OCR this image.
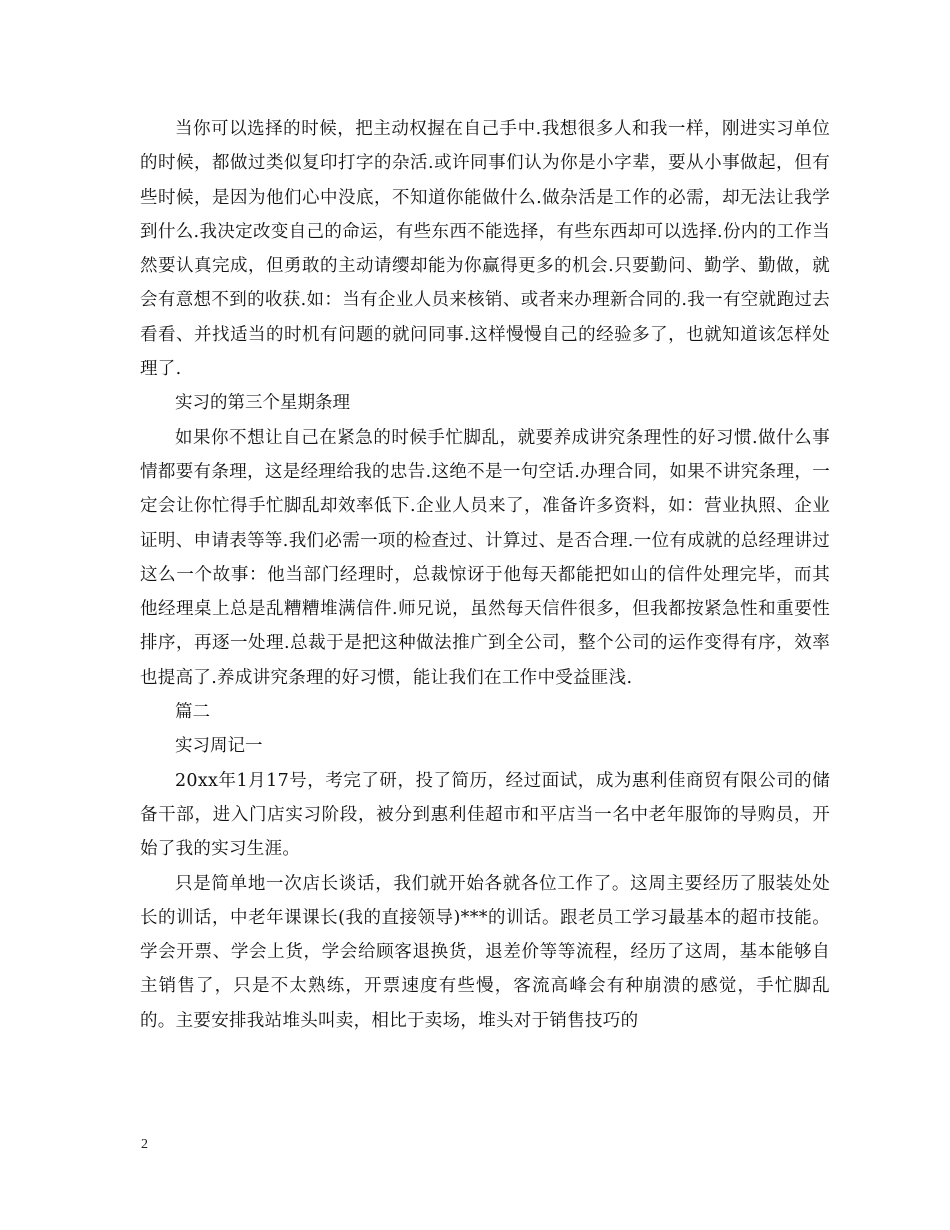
当你可以选择的时候，把主动权握在自己手中.我想很多人和我一样，刚进实习单位的时候，都做过类似复印打字的杂活.或许同事们认为你是小字辈，要从小事做起，但有些时候，是因为他们心中没底，不知道你能做什么.做杂活是工作的必需，却无法让我学到什么.我决定改变自己的命运，有些东西不能选择，有些东西却可以选择.份内的工作当然要认真完成，但勇敢的主动请缨却能为你赢得更多的机会.只要勤问、勤学、勤做，就会有意想不到的收获.如：当有企业人员来核销、或者来办理新合同的.我一有空就跑过去看看、并找适当的时机有问题的就问同事.这样慢慢自己的经验多了，也就知道该怎样处理了.

实习的第三个星期条理

如果你不想让自己在紧急的时候手忙脚乱，就要养成讲究条理性的好习惯.做什么事情都要有条理，这是经理给我的忠告.这绝不是一句空话.办理合同，如果不讲究条理，一定会让你忙得手忙脚乱却效率低下.企业人员来了，准备许多资料，如：营业执照、企业证明、申请表等等.我们必需一项的检查过、计算过、是否合理.一位有成就的总经理讲过这么一个故事：他当部门经理时，总裁惊讶于他每天都能把如山的信件处理完毕，而其他经理桌上总是乱糟糟堆满信件.师兄说，虽然每天信件很多，但我都按紧急性和重要性排序，再逐一处理.总裁于是把这种做法推广到全公司，整个公司的运作变得有序，效率也提高了.养成讲究条理的好习惯，能让我们在工作中受益匪浅.

篇二

实习周记一

20xx年1月17号，考完了研，投了简历，经过面试，成为惠利佳商贸有限公司的储备干部，进入门店实习阶段，被分到惠利佳超市和平店当一名中老年服饰的导购员，开始了我的实习生涯。

只是简单地一次店长谈话，我们就开始各就各位工作了。这周主要经历了服装处处长的训话，中老年课课长(我的直接领导)***的训话。跟老员工学习最基本的超市技能。学会开票、学会上货，学会给顾客退换货，退差价等等流程，经历了这周，基本能够自主销售了，只是不太熟练，开票速度有些慢，客流高峰会有种崩溃的感觉，手忙脚乱的。主要安排我站堆头叫卖，相比于卖场，堆头对于销售技巧的

2
